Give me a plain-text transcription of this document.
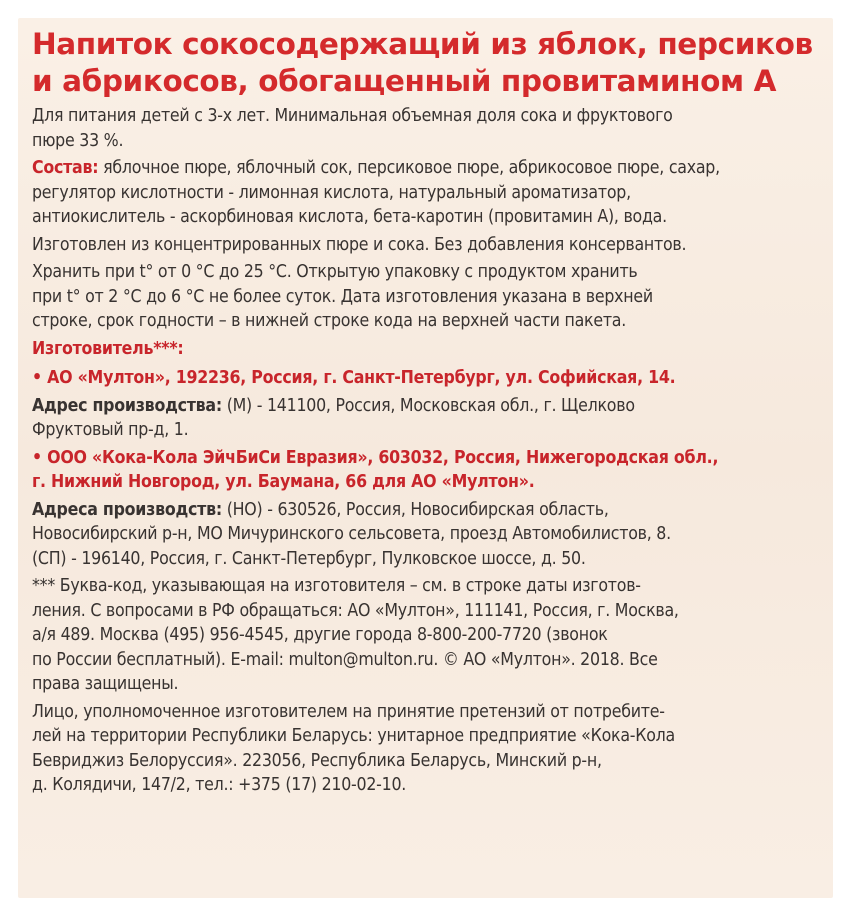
Напиток сокосодержащий из яблок, персиков
и абрикосов, обогащенный провитамином А
Для питания детей с 3-х лет. Минимальная объемная доля сока и фруктового
пюре 33 %.
Состав: яблочное пюре, яблочный сок, персиковое пюре, абрикосовое пюре, сахар,
регулятор кислотности - лимонная кислота, натуральный ароматизатор,
антиокислитель - аскорбиновая кислота, бета-каротин (провитамин А), вода.
Изготовлен из концентрированных пюре и сока. Без добавления консервантов.
Хранить при t° от 0 °С до 25 °С. Открытую упаковку с продуктом хранить
при t° от 2 °С до 6 °С не более суток. Дата изготовления указана в верхней
строке, срок годности – в нижней строке кода на верхней части пакета.
Изготовитель***:
• АО «Мултон», 192236, Россия, г. Санкт-Петербург, ул. Софийская, 14.
Адрес производства: (М) - 141100, Россия, Московская обл., г. Щелково
Фруктовый пр-д, 1.
• ООО «Кока-Кола ЭйчБиСи Евразия», 603032, Россия, Нижегородская обл.,
г. Нижний Новгород, ул. Баумана, 66 для АО «Мултон».
Адреса производств: (НО) - 630526, Россия, Новосибирская область,
Новосибирский р-н, МО Мичуринского сельсовета, проезд Автомобилистов, 8.
(СП) - 196140, Россия, г. Санкт-Петербург, Пулковское шоссе, д. 50.
*** Буква-код, указывающая на изготовителя – см. в строке даты изготов-
ления. С вопросами в РФ обращаться: АО «Мултон», 111141, Россия, г. Москва,
а/я 489. Москва (495) 956-4545, другие города 8-800-200-7720 (звонок
по России бесплатный). E-mail: multon@multon.ru. © АО «Мултон». 2018. Все
права защищены.
Лицо, уполномоченное изготовителем на принятие претензий от потребите-
лей на территории Республики Беларусь: унитарное предприятие «Кока-Кола
Бевриджиз Белоруссия». 223056, Республика Беларусь, Минский р-н,
д. Колядичи, 147/2, тел.: +375 (17) 210-02-10.
